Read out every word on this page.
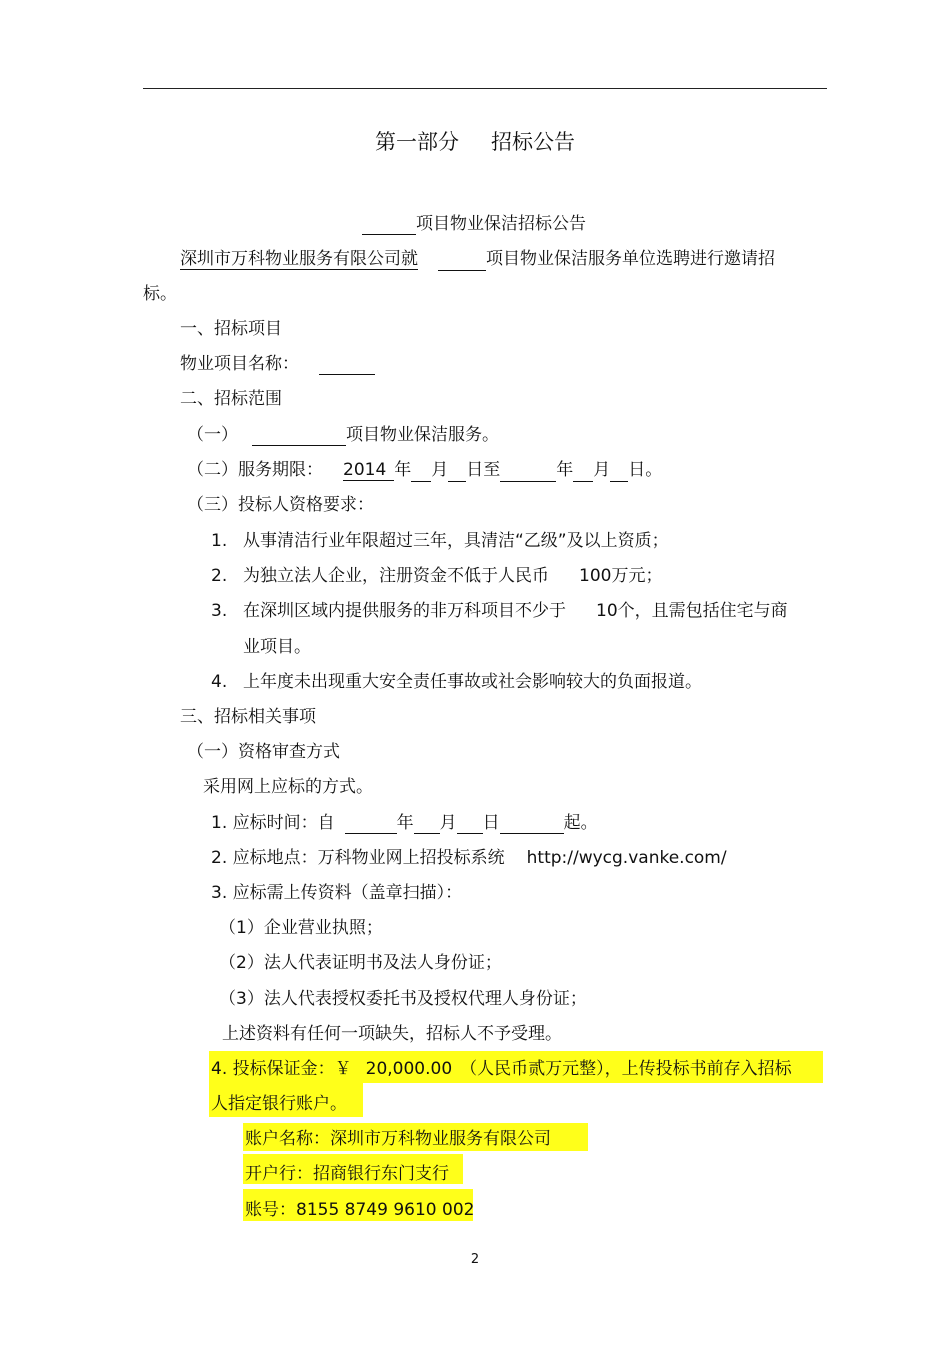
第一部分 招标公告
项目物业保洁招标公告
深圳市万科物业服务有限公司就	项目物业保洁服务单位选聘进行邀请招
标。
一、招标项目
物业项目名称：
二、招标范围
（一）	项目物业保洁服务。
（二）服务期限： 2014 年 月 日至	年 月 日。
（三）投标人资格要求：
1. 从事清洁行业年限超过三年，具清洁“乙级”及以上资质；
2. 为独立法人企业，注册资金不低于人民币 100万元；
3. 在深圳区域内提供服务的非万科项目不少于 10个，且需包括住宅与商
业项目。
4. 上年度未出现重大安全责任事故或社会影响较大的负面报道。
三、招标相关事项
（一）资格审查方式
采用网上应标的方式。
1. 应标时间：自	年 月 日	起。
2. 应标地点：万科物业网上招投标系统 http://wycg.vanke.com/
3. 应标需上传资料（盖章扫描）：
（1）企业营业执照；
（2）法人代表证明书及法人身份证；
（3）法人代表授权委托书及授权代理人身份证；
上述资料有任何一项缺失，招标人不予受理。
4. 投标保证金：￥ 20,000.00 （人民币贰万元整），上传投标书前存入招标
人指定银行账户。
账户名称：深圳市万科物业服务有限公司
开户行：招商银行东门支行
账号：8155 8749 9610 002
2
